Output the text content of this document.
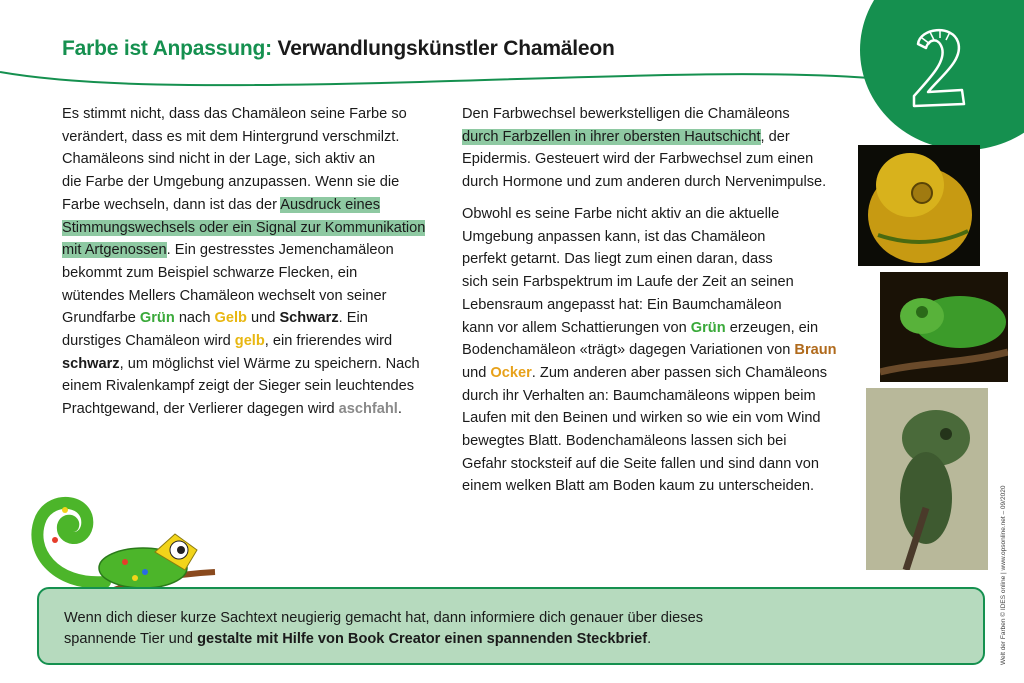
2
Farbe ist Anpassung: Verwandlungskünstler Chamäleon
Es stimmt nicht, dass das Chamäleon seine Farbe so
verändert, dass es mit dem Hintergrund verschmilzt.
Chamäleons sind nicht in der Lage, sich aktiv an
die Farbe der Umgebung anzupassen. Wenn sie die
Farbe wechseln, dann ist das der Ausdruck eines
Stimmungswechsels oder ein Signal zur Kommunikation
mit Artgenossen. Ein gestresstes Jemenchamäleon
bekommt zum Beispiel schwarze Flecken, ein
wütendes Mellers Chamäleon wechselt von seiner
Grundfarbe Grün nach Gelb und Schwarz. Ein
durstiges Chamäleon wird gelb, ein frierendes wird
schwarz, um möglichst viel Wärme zu speichern. Nach
einem Rivalenkampf zeigt der Sieger sein leuchtendes
Prachtgewand, der Verlierer dagegen wird aschfahl.
Den Farbwechsel bewerkstelligen die Chamäleons
durch Farbzellen in ihrer obersten Hautschicht, der
Epidermis. Gesteuert wird der Farbwechsel zum einen
durch Hormone und zum anderen durch Nervenimpulse.
Obwohl es seine Farbe nicht aktiv an die aktuelle
Umgebung anpassen kann, ist das Chamäleon
perfekt getarnt. Das liegt zum einen daran, dass
sich sein Farbspektrum im Laufe der Zeit an seinen
Lebensraum angepasst hat: Ein Baumchamäleon
kann vor allem Schattierungen von Grün erzeugen, ein
Bodenchamäleon «trägt» dagegen Variationen von Braun
und Ocker. Zum anderen aber passen sich Chamäleons
durch ihr Verhalten an: Baumchamäleons wippen beim
Laufen mit den Beinen und wirken so wie ein vom Wind
bewegtes Blatt. Bodenchamäleons lassen sich bei
Gefahr stocksteif auf die Seite fallen und sind dann von
einem welken Blatt am Boden kaum zu unterscheiden.
Wenn dich dieser kurze Sachtext neugierig gemacht hat, dann informiere dich genauer über dieses
spannende Tier und gestalte mit Hilfe von Book Creator einen spannenden Steckbrief.	Welt der Farben © IDES online | www.opsonline.net – 09/2020
